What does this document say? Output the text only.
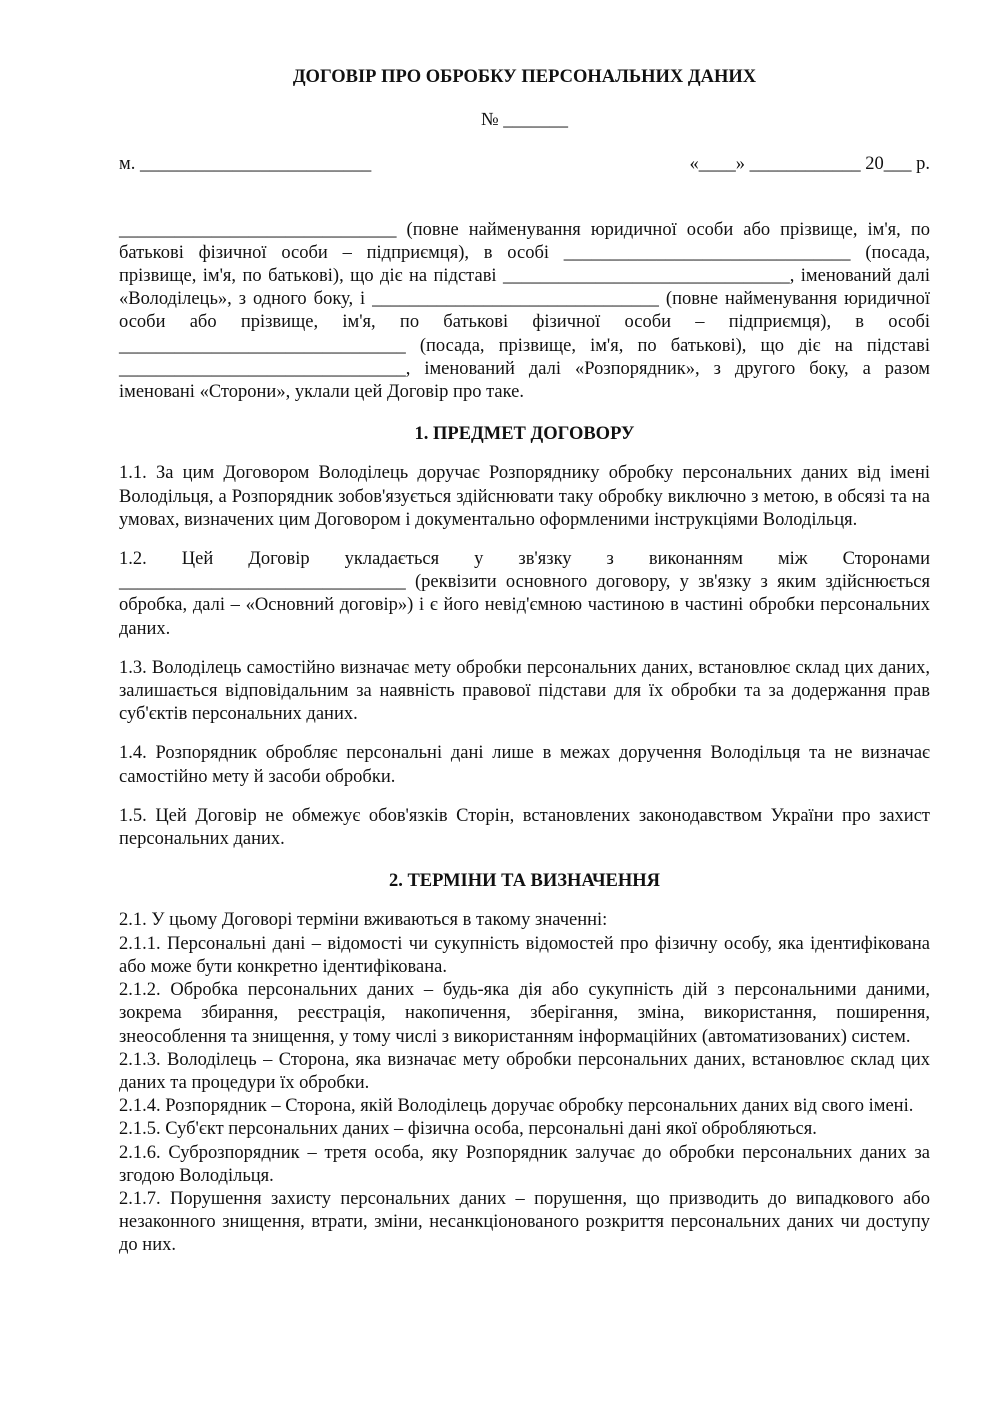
ДОГОВІР ПРО ОБРОБКУ ПЕРСОНАЛЬНИХ ДАНИХ
№ _______
м. _________________________	«____» ____________ 20___ р.

______________________________ (повне найменування юридичної особи або прізвище, ім'я, по батькові фізичної особи – підприємця), в особі _______________________________ (посада, прізвище, ім'я, по батькові), що діє на підставі _______________________________, іменований далі «Володілець», з одного боку, і _______________________________ (повне найменування юридичної особи або прізвище, ім'я, по батькові фізичної особи – підприємця), в особі _______________________________ (посада, прізвище, ім'я, по батькові), що діє на підставі _______________________________, іменований далі «Розпорядник», з другого боку, а разом іменовані «Сторони», уклали цей Договір про таке.

1. ПРЕДМЕТ ДОГОВОРУ

1.1. За цим Договором Володілець доручає Розпоряднику обробку персональних даних від імені Володільця, а Розпорядник зобов'язується здійснювати таку обробку виключно з метою, в обсязі та на умовах, визначених цим Договором і документально оформленими інструкціями Володільця.

1.2. Цей Договір укладається у зв'язку з виконанням між Сторонами _______________________________ (реквізити основного договору, у зв'язку з яким здійснюється обробка, далі – «Основний договір») і є його невід'ємною частиною в частині обробки персональних даних.

1.3. Володілець самостійно визначає мету обробки персональних даних, встановлює склад цих даних, залишається відповідальним за наявність правової підстави для їх обробки та за додержання прав суб'єктів персональних даних.

1.4. Розпорядник обробляє персональні дані лише в межах доручення Володільця та не визначає самостійно мету й засоби обробки.

1.5. Цей Договір не обмежує обов'язків Сторін, встановлених законодавством України про захист персональних даних.

2. ТЕРМІНИ ТА ВИЗНАЧЕННЯ

2.1. У цьому Договорі терміни вживаються в такому значенні:

2.1.1. Персональні дані – відомості чи сукупність відомостей про фізичну особу, яка ідентифікована або може бути конкретно ідентифікована.

2.1.2. Обробка персональних даних – будь-яка дія або сукупність дій з персональними даними, зокрема збирання, реєстрація, накопичення, зберігання, зміна, використання, поширення, знеособлення та знищення, у тому числі з використанням інформаційних (автоматизованих) систем.

2.1.3. Володілець – Сторона, яка визначає мету обробки персональних даних, встановлює склад цих даних та процедури їх обробки.

2.1.4. Розпорядник – Сторона, якій Володілець доручає обробку персональних даних від свого імені.

2.1.5. Суб'єкт персональних даних – фізична особа, персональні дані якої обробляються.

2.1.6. Суброзпорядник – третя особа, яку Розпорядник залучає до обробки персональних даних за згодою Володільця.

2.1.7. Порушення захисту персональних даних – порушення, що призводить до випадкового або незаконного знищення, втрати, зміни, несанкціонованого розкриття персональних даних чи доступу до них.
